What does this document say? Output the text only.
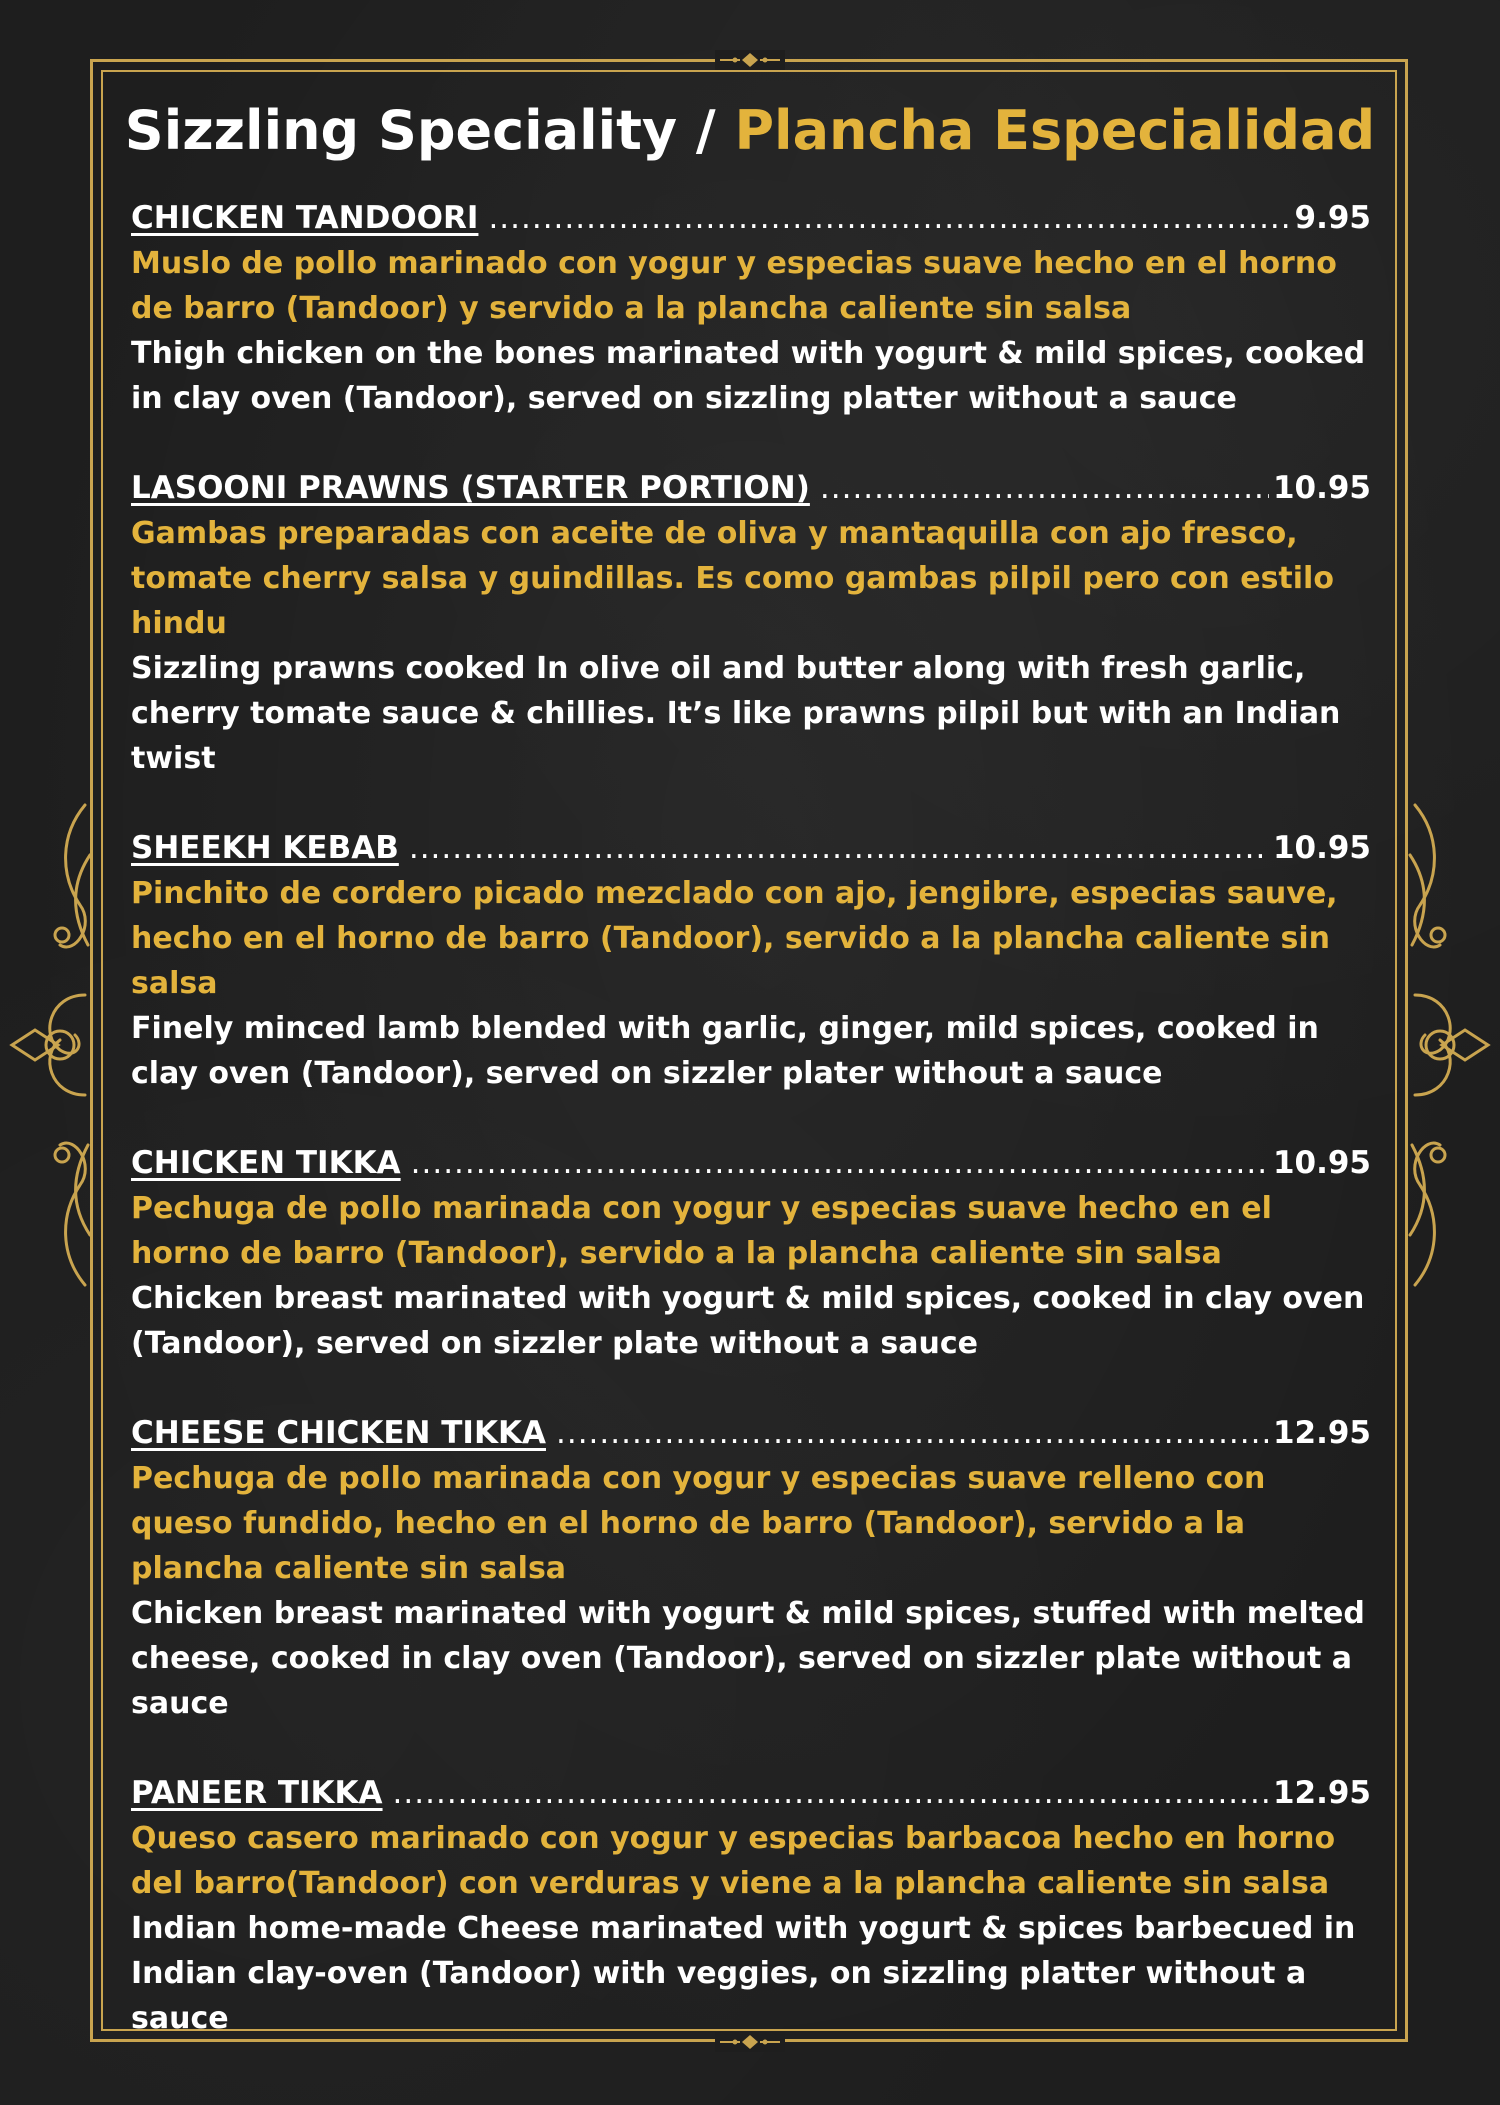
Sizzling Speciality / Plancha Especialidad
CHICKEN TANDOORI .....	9.95
Muslo de pollo marinado con yogur y especias suave hecho en el horno de barro (Tandoor) y servido a la plancha caliente sin salsa
Thigh chicken on the bones marinated with yogurt & mild spices, cooked in clay oven (Tandoor), served on sizzling platter without a sauce
LASOONI PRAWNS (STARTER PORTION) .....	10.95
Gambas preparadas con aceite de oliva y mantaquilla con ajo fresco, tomate cherry salsa y guindillas. Es como gambas pilpil pero con estilo hindu
Sizzling prawns cooked In olive oil and butter along with fresh garlic, cherry tomate sauce & chillies. It’s like prawns pilpil but with an Indian twist
SHEEKH KEBAB .....	10.95
Pinchito de cordero picado mezclado con ajo, jengibre, especias sauve, hecho en el horno de barro (Tandoor), servido a la plancha caliente sin salsa
Finely minced lamb blended with garlic, ginger, mild spices, cooked in clay oven (Tandoor), served on sizzler plater without a sauce
CHICKEN TIKKA .....	10.95
Pechuga de pollo marinada con yogur y especias suave hecho en el horno de barro (Tandoor), servido a la plancha caliente sin salsa
Chicken breast marinated with yogurt & mild spices, cooked in clay oven (Tandoor), served on sizzler plate without a sauce
CHEESE CHICKEN TIKKA .....	12.95
Pechuga de pollo marinada con yogur y especias suave relleno con queso fundido, hecho en el horno de barro (Tandoor), servido a la plancha caliente sin salsa
Chicken breast marinated with yogurt & mild spices, stuffed with melted cheese, cooked in clay oven (Tandoor), served on sizzler plate without a sauce
PANEER TIKKA .....	12.95
Queso casero marinado con yogur y especias barbacoa hecho en horno del barro(Tandoor) con verduras y viene a la plancha caliente sin salsa
Indian home-made Cheese marinated with yogurt & spices barbecued in Indian clay-oven (Tandoor) with veggies, on sizzling platter without a sauce
